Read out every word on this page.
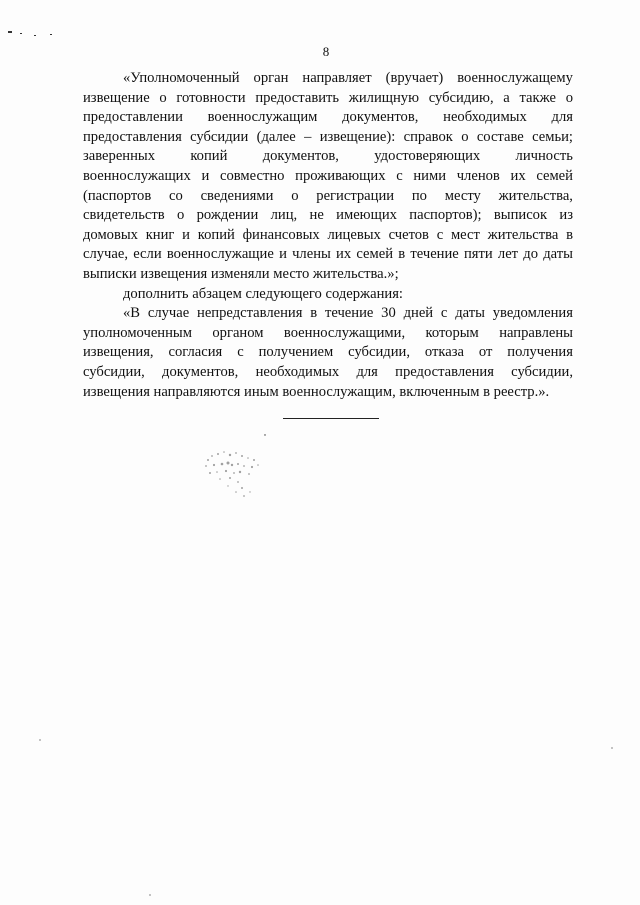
8
«Уполномоченный орган направляет (вручает) военнослужащему
извещение о готовности предоставить жилищную субсидию, а также о
предоставлении военнослужащим документов, необходимых для
предоставления субсидии (далее – извещение): справок о составе семьи;
заверенных копий документов, удостоверяющих личность
военнослужащих и совместно проживающих с ними членов их семей
(паспортов со сведениями о регистрации по месту жительства,
свидетельств о рождении лиц, не имеющих паспортов); выписок из
домовых книг и копий финансовых лицевых счетов с мест жительства в
случае, если военнослужащие и члены их семей в течение пяти лет до даты
выписки извещения изменяли место жительства.»;
дополнить абзацем следующего содержания:
«В случае непредставления в течение 30 дней с даты уведомления
уполномоченным органом военнослужащими, которым направлены
извещения, согласия с получением субсидии, отказа от получения
субсидии, документов, необходимых для предоставления субсидии,
извещения направляются иным военнослужащим, включенным в реестр.».
